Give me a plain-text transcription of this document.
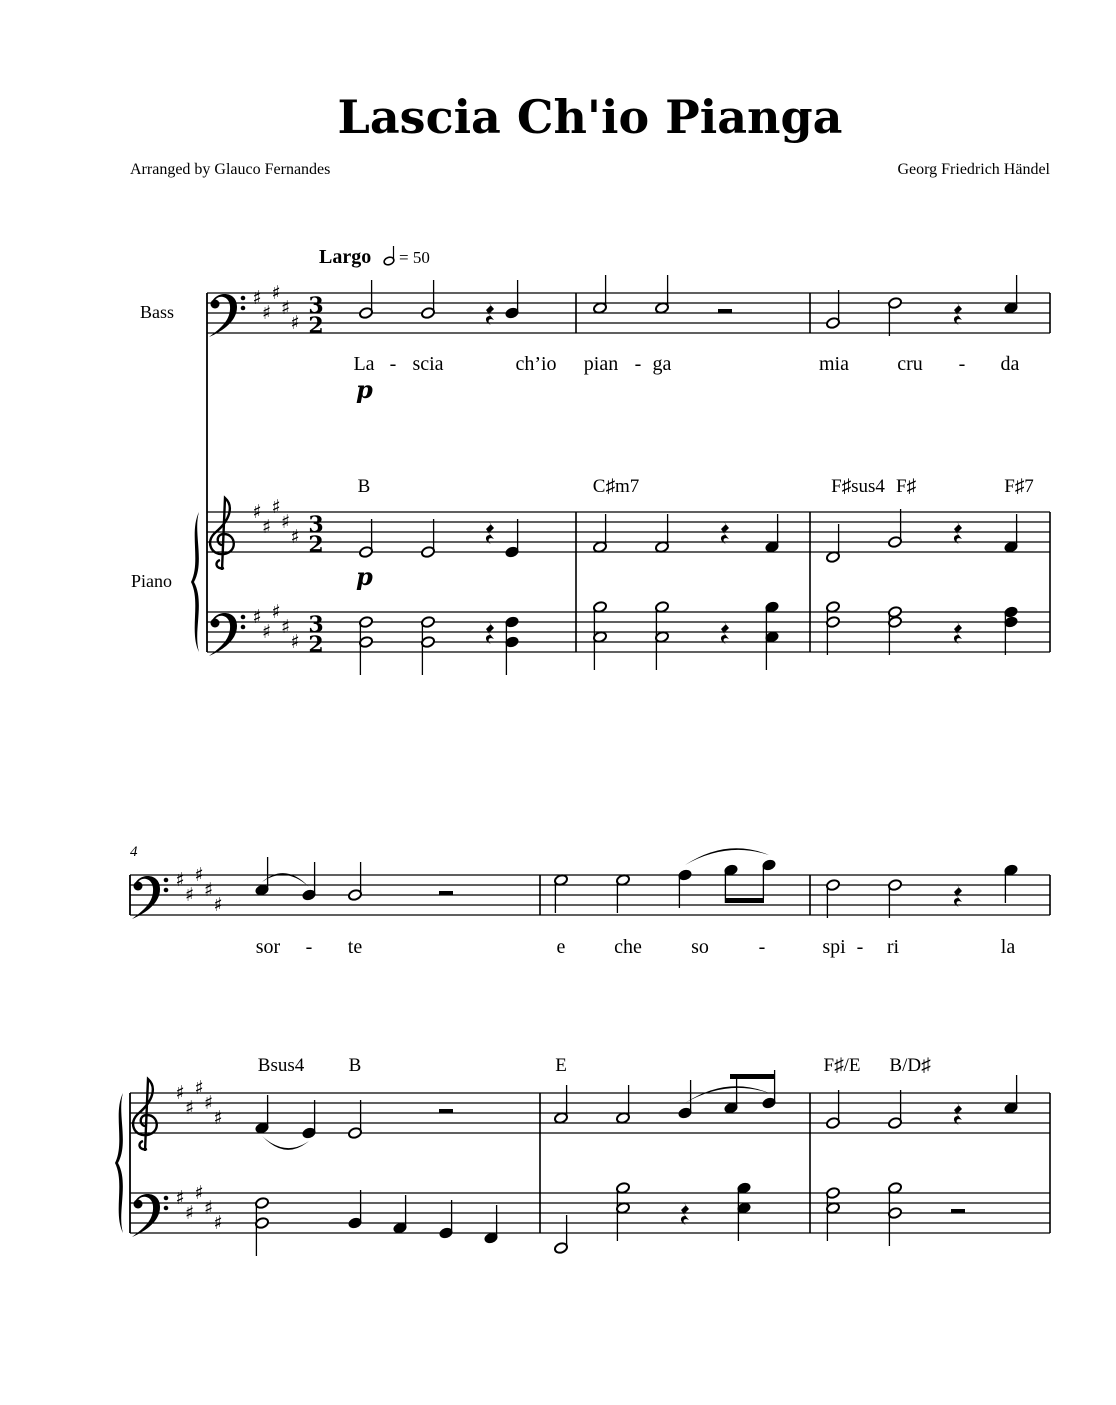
Lascia Ch'io Pianga
Arranged by Glauco Fernandes	Georg Friedrich Händel
Largo = 50
Bass
Piano
p
p
4
La - scia	ch’io pian - ga	mia cru - da
B	C♯m7	F♯sus4 F♯	F♯7
sor - te	e che so -	spi - ri	la
Bsus4 B	E	F♯/E B/D♯
♯
♯
♯
♯
♯
♯
♯
♯
♯
♯
♯
♯
♯
♯
♯
3
2
3
2
3
2
♯
♯
♯
♯
♯
♯
♯
♯
♯
♯
♯
♯
♯
♯
♯
